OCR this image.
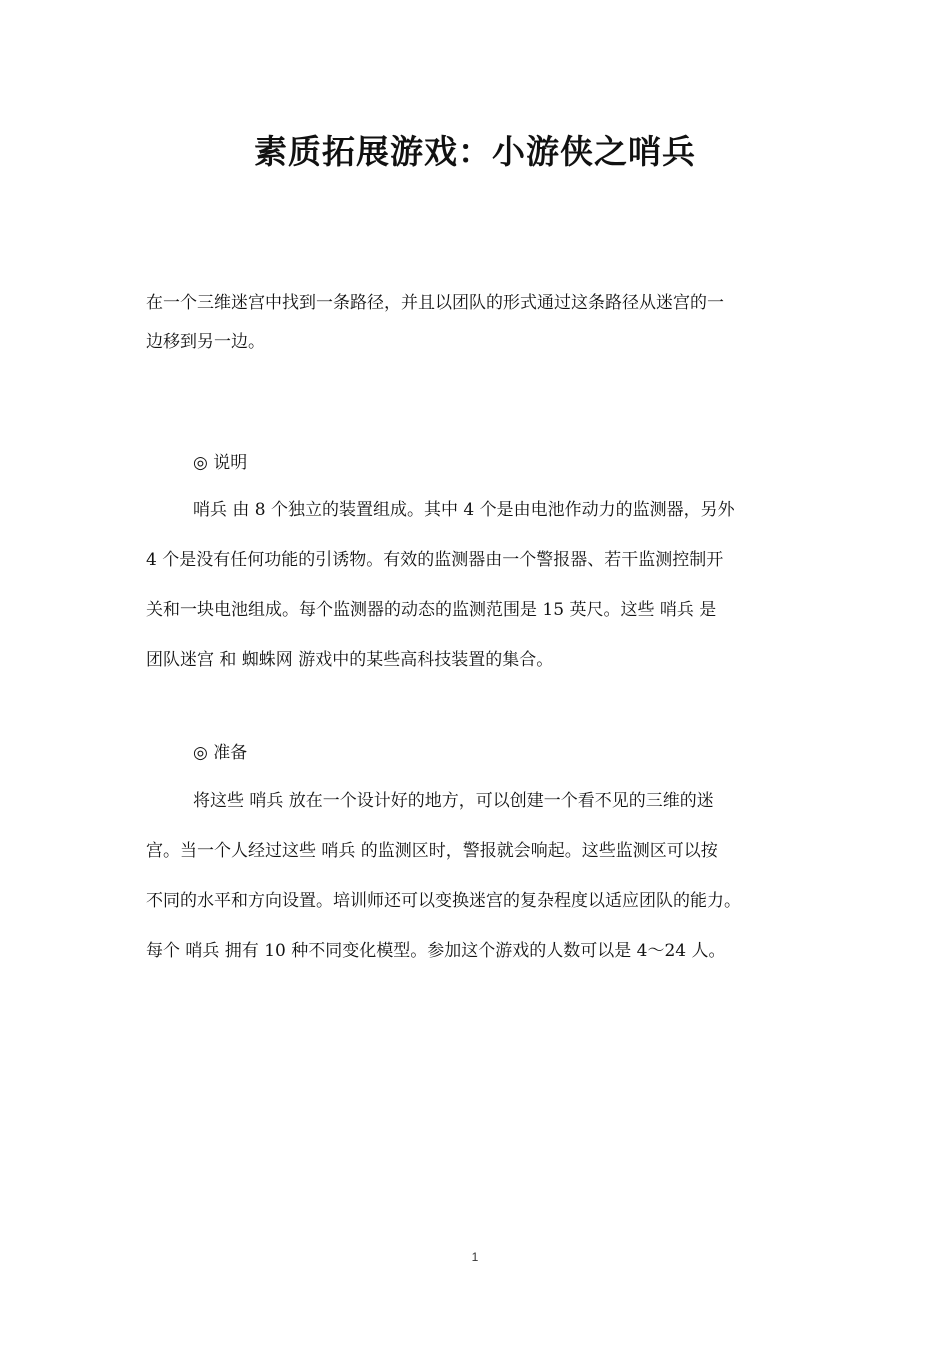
素质拓展游戏：小游侠之哨兵

在一个三维迷宫中找到一条路径，并且以团队的形式通过这条路径从迷宫的一

边移到另一边。

◎ 说明

哨兵 由 8 个独立的装置组成。其中 4 个是由电池作动力的监测器，另外

4 个是没有任何功能的引诱物。有效的监测器由一个警报器、若干监测控制开

关和一块电池组成。每个监测器的动态的监测范围是 15 英尺。这些 哨兵 是

团队迷宫 和 蜘蛛网 游戏中的某些高科技装置的集合。

◎ 准备

将这些 哨兵 放在一个设计好的地方，可以创建一个看不见的三维的迷

宫。当一个人经过这些 哨兵 的监测区时，警报就会响起。这些监测区可以按

不同的水平和方向设置。培训师还可以变换迷宫的复杂程度以适应团队的能力。

每个 哨兵 拥有 10 种不同变化模型。参加这个游戏的人数可以是 4～24 人。

1
